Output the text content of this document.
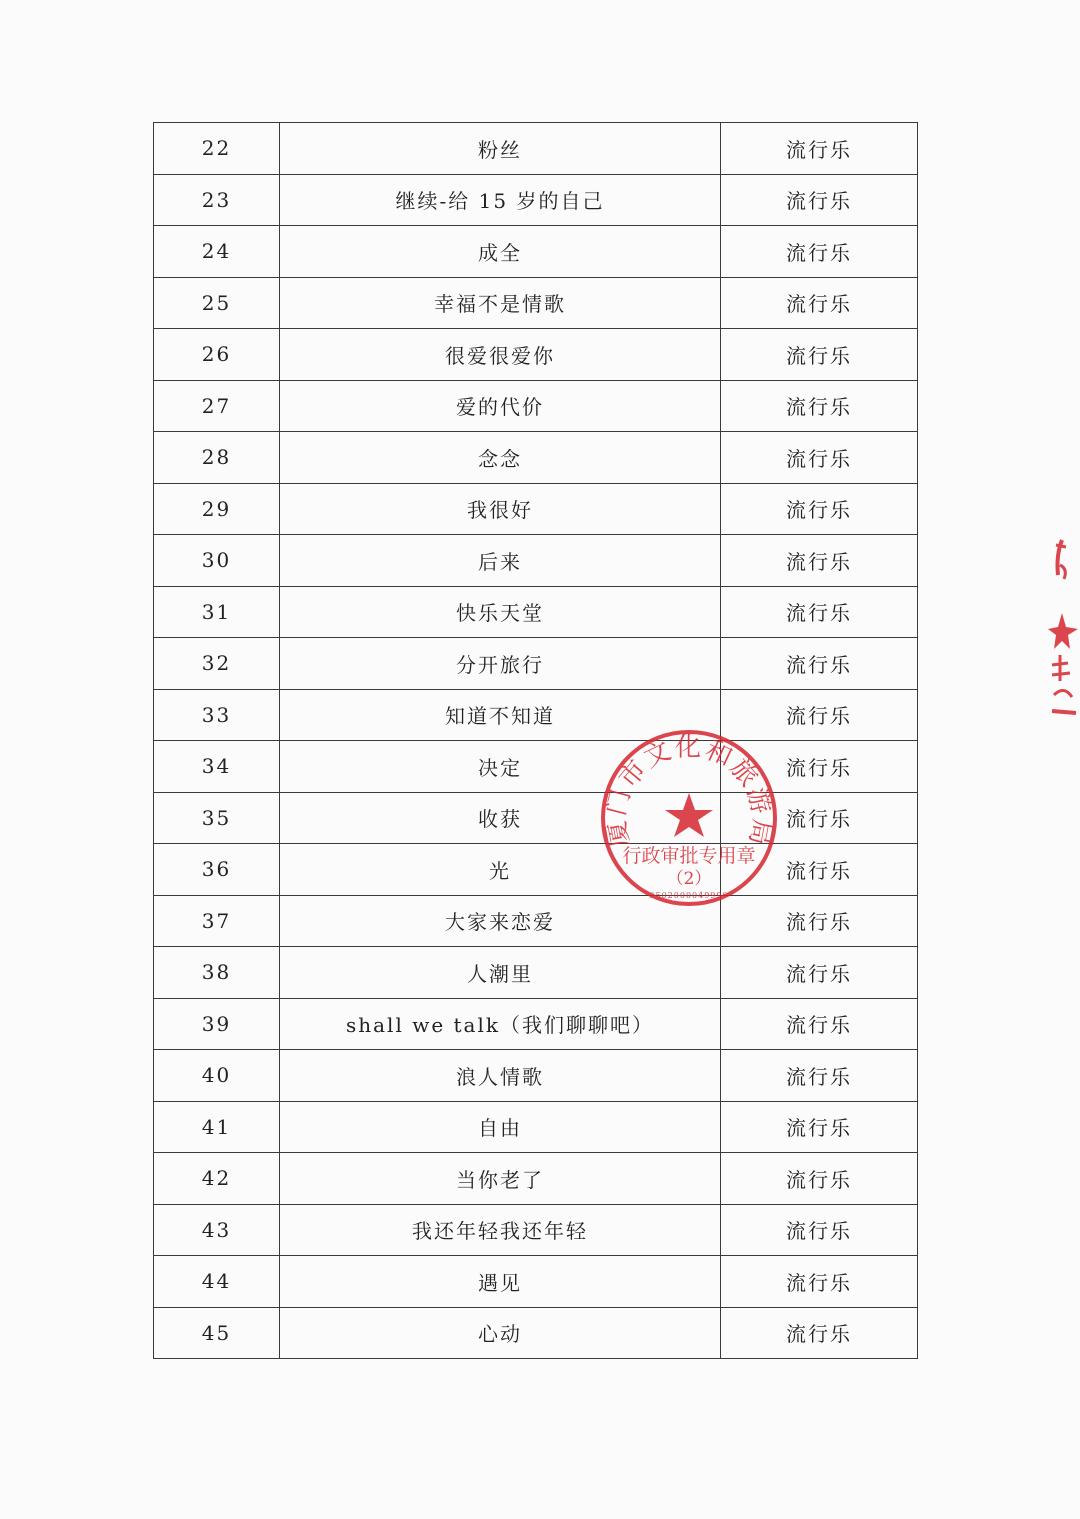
22	粉丝	流行乐
23	继续-给 15 岁的自己	流行乐
24	成全	流行乐
25	幸福不是情歌	流行乐
26	很爱很爱你	流行乐
27	爱的代价	流行乐
28	念念	流行乐
29	我很好	流行乐
30	后来	流行乐
31	快乐天堂	流行乐
32	分开旅行	流行乐
33	知道不知道	流行乐
34	决定	流行乐
35	收获	流行乐
36	光	流行乐
37	大家来恋爱	流行乐
38	人潮里	流行乐
39	shall we talk（我们聊聊吧）	流行乐
40	浪人情歌	流行乐
41	自由	流行乐
42	当你老了	流行乐
43	我还年轻我还年轻	流行乐
44	遇见	流行乐
45	心动	流行乐
厦门市文化和旅游局
行政审批专用章
（2）
3502000049990
